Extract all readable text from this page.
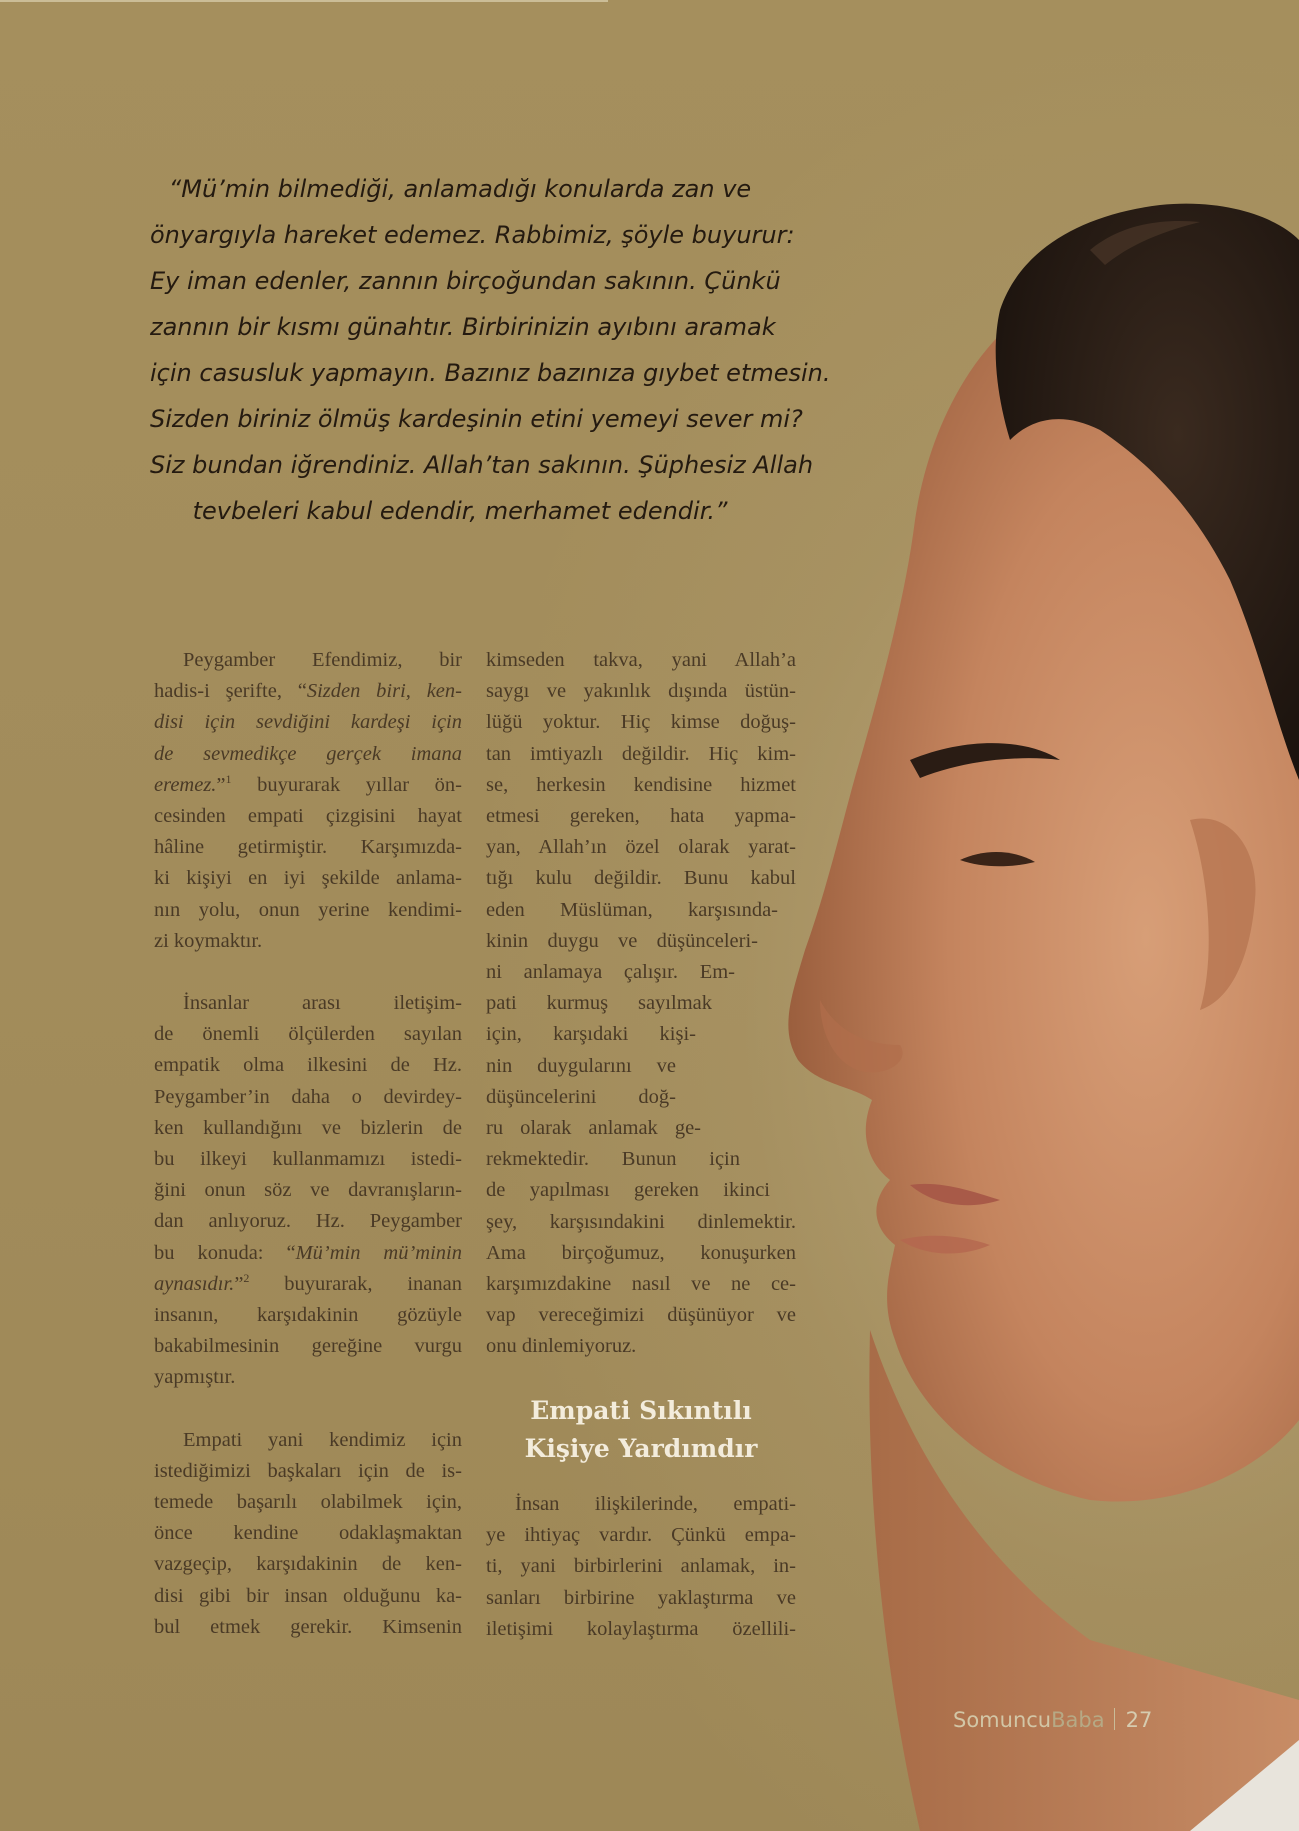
“Mü’min bilmediği, anlamadığı konularda zan ve
önyargıyla hareket edemez. Rabbimiz, şöyle buyurur:
Ey iman edenler, zannın birçoğundan sakının. Çünkü
zannın bir kısmı günahtır. Birbirinizin ayıbını aramak
için casusluk yapmayın. Bazınız bazınıza gıybet etmesin.
Sizden biriniz ölmüş kardeşinin etini yemeyi sever mi?
Siz bundan iğrendiniz. Allah’tan sakının. Şüphesiz Allah
tevbeleri kabul edendir, merhamet edendir.”
Peygamber Efendimiz, bir
hadis-i şerifte, “Sizden biri, ken-
disi için sevdiğini kardeşi için
de sevmedikçe gerçek imana
eremez.”$^1$ buyurarak yıllar ön-
cesinden empati çizgisini hayat
hâline getirmiştir. Karşımızda-
ki kişiyi en iyi şekilde anlama-
nın yolu, onun yerine kendimi-
zi koymaktır.
İnsanlar arası iletişim-
de önemli ölçülerden sayılan
empatik olma ilkesini de Hz.
Peygamber’in daha o devirdey-
ken kullandığını ve bizlerin de
bu ilkeyi kullanmamızı istedi-
ğini onun söz ve davranışların-
dan anlıyoruz. Hz. Peygamber
bu konuda: “Mü’min mü’minin
aynasıdır.”$^2$ buyurarak, inanan
insanın, karşıdakinin gözüyle
bakabilmesinin gereğine vurgu
yapmıştır.
Empati yani kendimiz için
istediğimizi başkaları için de is-
temede başarılı olabilmek için,
önce kendine odaklaşmaktan
vazgeçip, karşıdakinin de ken-
disi gibi bir insan olduğunu ka-
bul etmek gerekir. Kimsenin
kimseden takva, yani Allah’a
saygı ve yakınlık dışında üstün-
lüğü yoktur. Hiç kimse doğuş-
tan imtiyazlı değildir. Hiç kim-
se, herkesin kendisine hizmet
etmesi gereken, hata yapma-
yan, Allah’ın özel olarak yarat-
tığı kulu değildir. Bunu kabul
eden Müslüman, karşısında-
kinin duygu ve düşünceleri-
ni anlamaya çalışır. Em-
pati kurmuş sayılmak
için, karşıdaki kişi-
nin duygularını ve
düşüncelerini doğ-
ru olarak anlamak ge-
rekmektedir. Bunun için
de yapılması gereken ikinci
şey, karşısındakini dinlemektir.
Ama birçoğumuz, konuşurken
karşımızdakine nasıl ve ne ce-
vap vereceğimizi düşünüyor ve
onu dinlemiyoruz.
Empati Sıkıntılı
Kişiye Yardımdır
İnsan ilişkilerinde, empati-
ye ihtiyaç vardır. Çünkü empa-
ti, yani birbirlerini anlamak, in-
sanları birbirine yaklaştırma ve
iletişimi kolaylaştırma özellili-
SomuncuBaba 27
